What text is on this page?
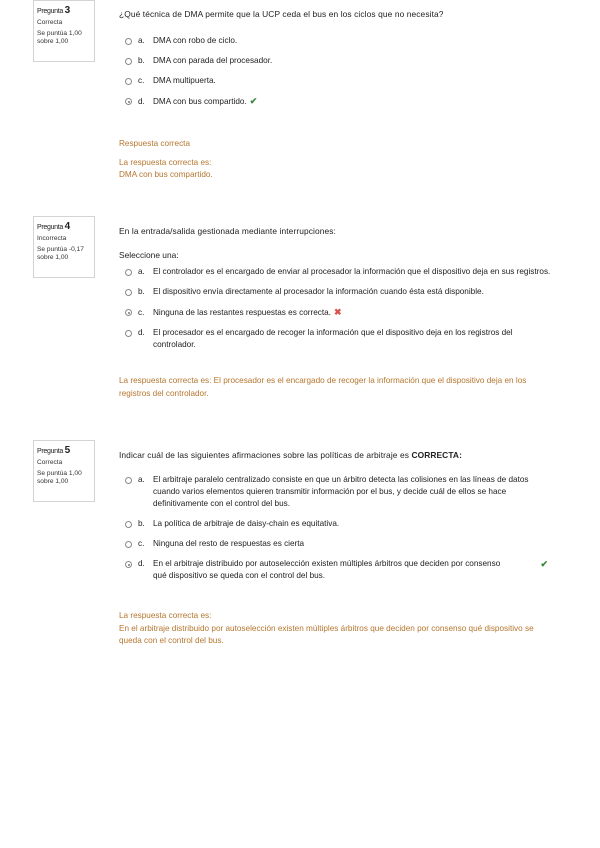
Pregunta 3
Correcta
Se puntúa 1,00 sobre 1,00
¿Qué técnica de DMA permite que la UCP ceda el bus en los ciclos que no necesita?
a. DMA con robo de ciclo.
b. DMA con parada del procesador.
c. DMA multipuerta.
d. DMA con bus compartido. ✔
Respuesta correcta
La respuesta correcta es:
DMA con bus compartido.
Pregunta 4
Incorrecta
Se puntúa -0,17 sobre 1,00
En la entrada/salida gestionada mediante interrupciones:
Seleccione una:
a. El controlador es el encargado de enviar al procesador la información que el dispositivo deja en sus registros.
b. El dispositivo envía directamente al procesador la información cuando ésta está disponible.
c. Ninguna de las restantes respuestas es correcta. ✖
d. El procesador es el encargado de recoger la información que el dispositivo deja en los registros del controlador.
La respuesta correcta es: El procesador es el encargado de recoger la información que el dispositivo deja en los registros del controlador.
Pregunta 5
Correcta
Se puntúa 1,00 sobre 1,00
Indicar cuál de las siguientes afirmaciones sobre las políticas de arbitraje es CORRECTA:
a. El arbitraje paralelo centralizado consiste en que un árbitro detecta las colisiones en las líneas de datos cuando varios elementos quieren transmitir información por el bus, y decide cuál de ellos se hace definitivamente con el control del bus.
b. La política de arbitraje de daisy-chain es equitativa.
c. Ninguna del resto de respuestas es cierta
d. En el arbitraje distribuido por autoselección existen múltiples árbitros que deciden por consenso qué dispositivo se queda con el control del bus.
✔
La respuesta correcta es:
En el arbitraje distribuido por autoselección existen múltiples árbitros que deciden por consenso qué dispositivo se queda con el control del bus.
